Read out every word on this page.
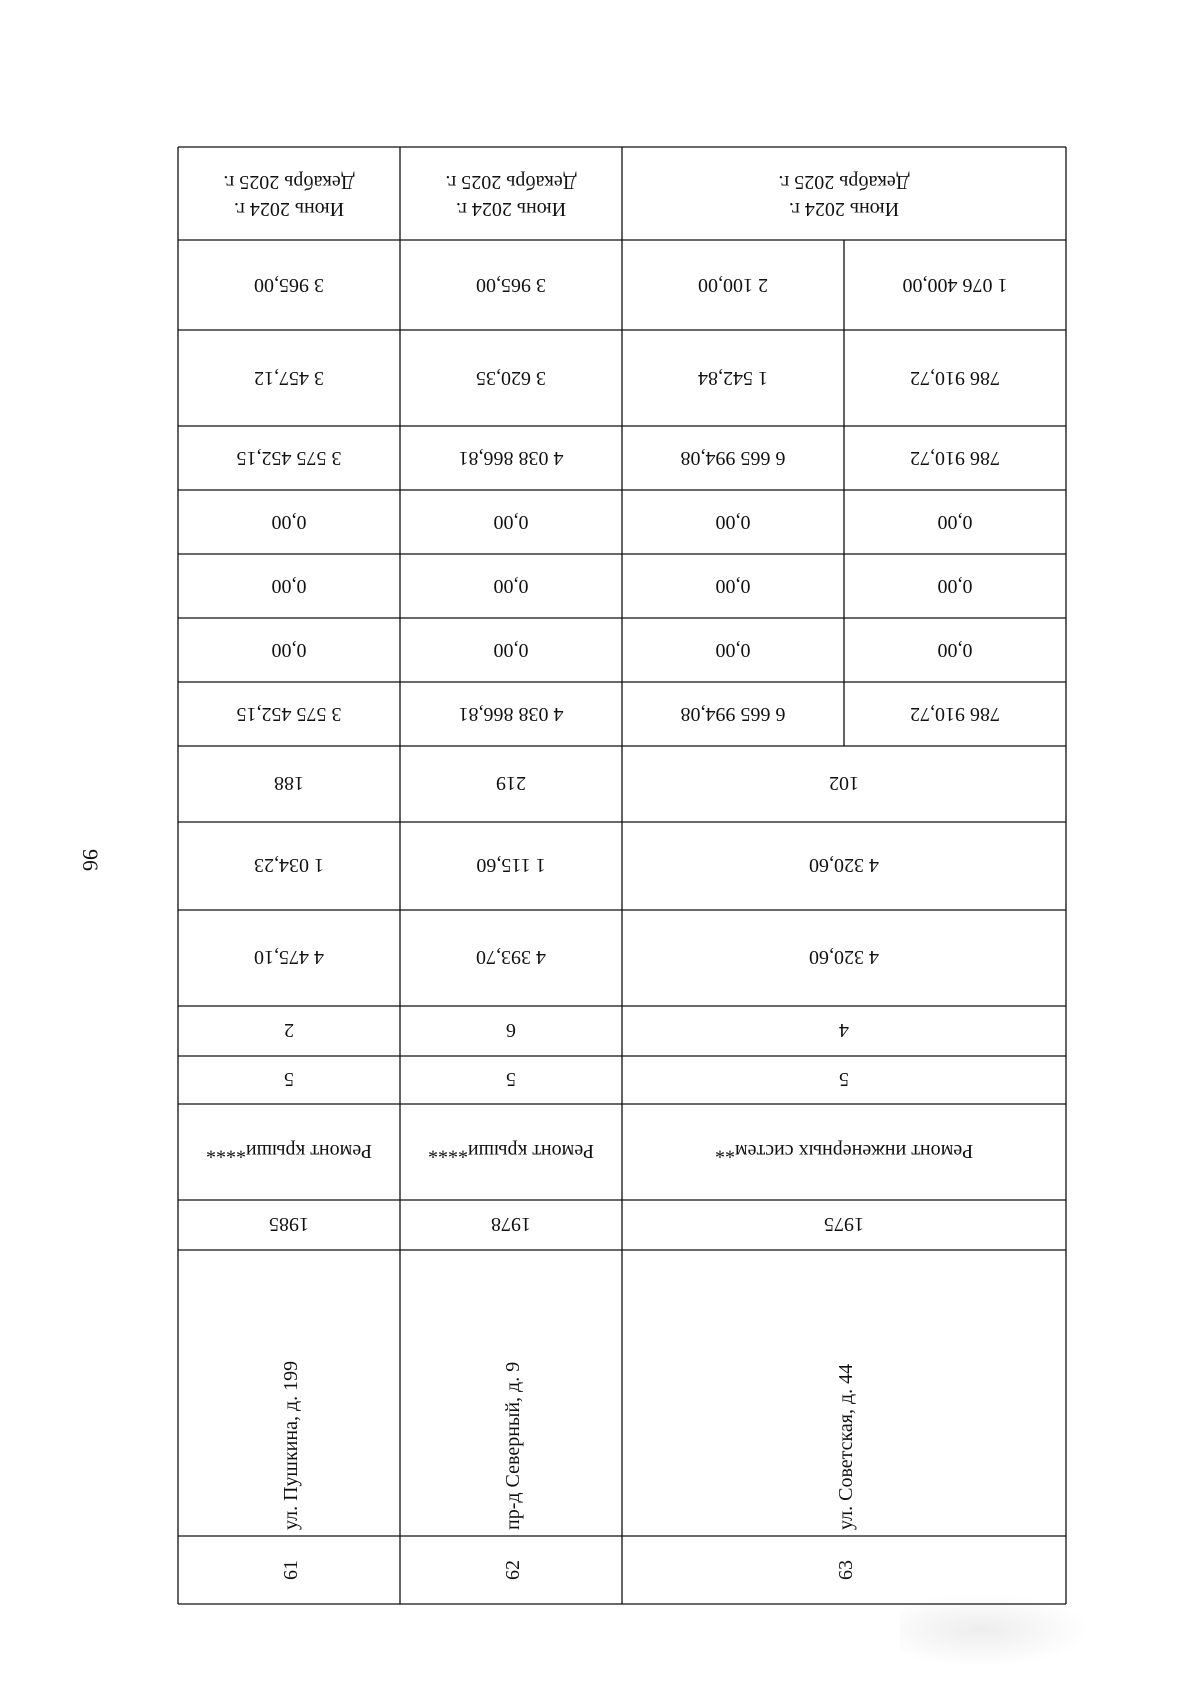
96
Июнь 2024 г.
Декабрь 2025 г.
3 965,00
3 457,12
3 575 452,15
0,00
0,00
0,00
3 575 452,15
188
1 034,23
4 475,10
2
5
Ремонт крыши****
1985
ул. Пушкина, д. 199
61
Июнь 2024 г.
Декабрь 2025 г.
3 965,00
3 620,35
4 038 866,81
0,00
0,00
0,00
4 038 866,81
219
1 115,60
4 393,70
6
5
Ремонт крыши****
1978
пр-д Северный, д. 9
62
Июнь 2024 г.
Декабрь 2025 г.
2 100,00
1 542,84
6 665 994,08
0,00
0,00
0,00
6 665 994,08
1 076 400,00
786 910,72
786 910,72
0,00
0,00
0,00
786 910,72
102
4 320,60
4 320,60
4
5
Ремонт инженерных систем**
1975
ул. Советская, д. 44
63
